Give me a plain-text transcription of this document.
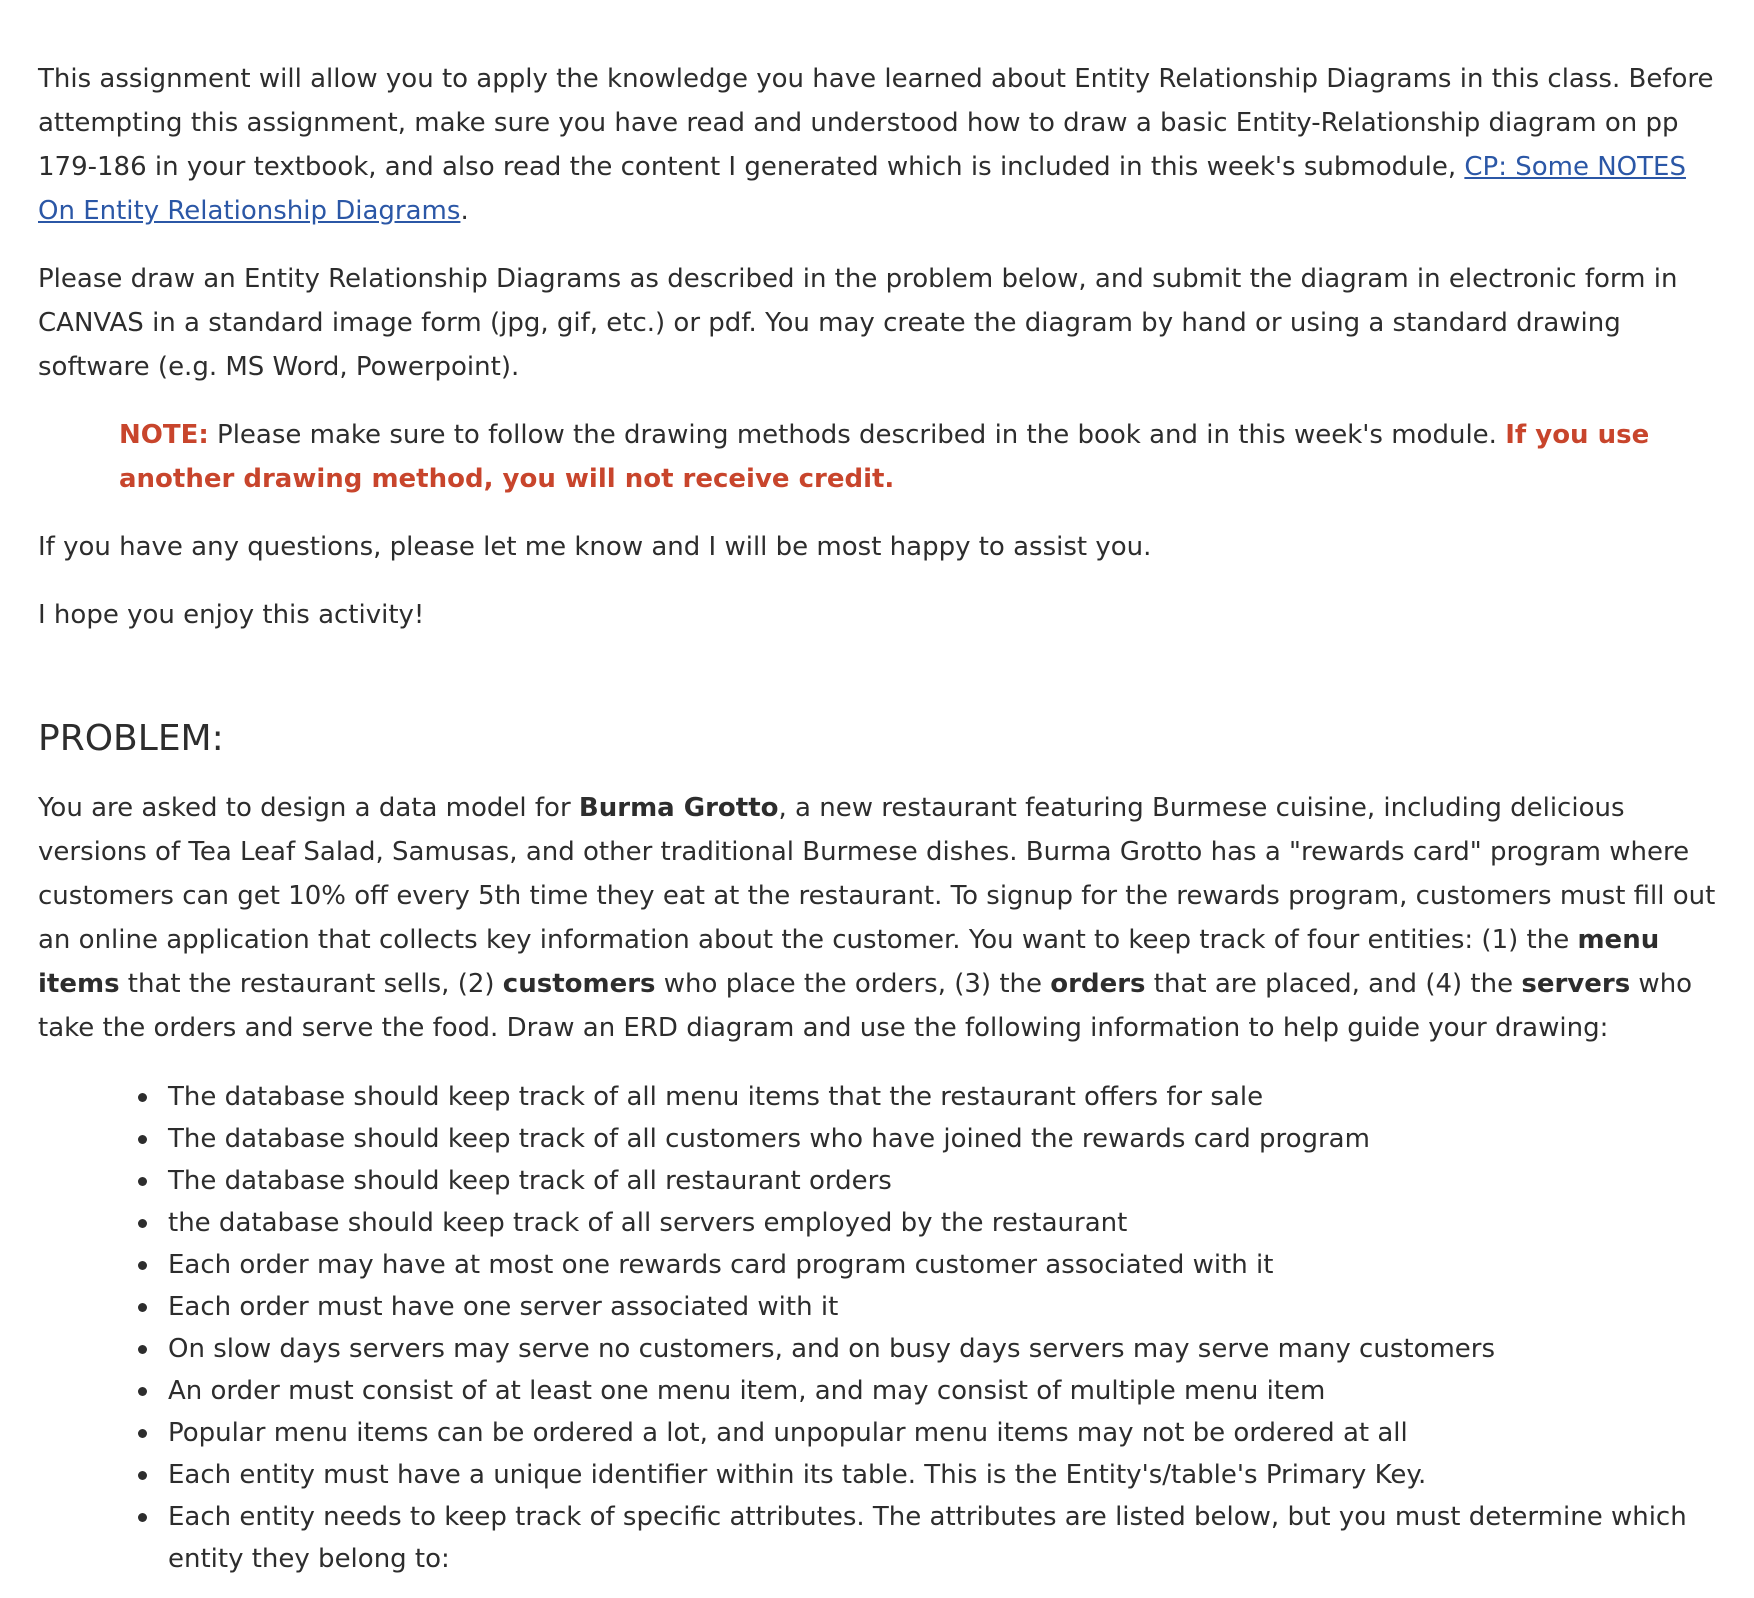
This assignment will allow you to apply the knowledge you have learned about Entity Relationship Diagrams in this class. Before attempting this assignment, make sure you have read and understood how to draw a basic Entity-Relationship diagram on pp 179-186 in your textbook, and also read the content I generated which is included in this week's submodule, CP: Some NOTES On Entity Relationship Diagrams.

Please draw an Entity Relationship Diagrams as described in the problem below, and submit the diagram in electronic form in CANVAS in a standard image form (jpg, gif, etc.) or pdf. You may create the diagram by hand or using a standard drawing software (e.g. MS Word, Powerpoint).

NOTE: Please make sure to follow the drawing methods described in the book and in this week's module. If you use another drawing method, you will not receive credit.

If you have any questions, please let me know and I will be most happy to assist you.

I hope you enjoy this activity!

PROBLEM:

You are asked to design a data model for Burma Grotto, a new restaurant featuring Burmese cuisine, including delicious versions of Tea Leaf Salad, Samusas, and other traditional Burmese dishes. Burma Grotto has a "rewards card" program where customers can get 10% off every 5th time they eat at the restaurant. To signup for the rewards program, customers must fill out an online application that collects key information about the customer. You want to keep track of four entities: (1) the menu items that the restaurant sells, (2) customers who place the orders, (3) the orders that are placed, and (4) the servers who take the orders and serve the food. Draw an ERD diagram and use the following information to help guide your drawing:

The database should keep track of all menu items that the restaurant offers for sale
The database should keep track of all customers who have joined the rewards card program
The database should keep track of all restaurant orders
the database should keep track of all servers employed by the restaurant
Each order may have at most one rewards card program customer associated with it
Each order must have one server associated with it
On slow days servers may serve no customers, and on busy days servers may serve many customers
An order must consist of at least one menu item, and may consist of multiple menu item
Popular menu items can be ordered a lot, and unpopular menu items may not be ordered at all
Each entity must have a unique identifier within its table. This is the Entity's/table's Primary Key.
Each entity needs to keep track of specific attributes. The attributes are listed below, but you must determine which entity they belong to:
